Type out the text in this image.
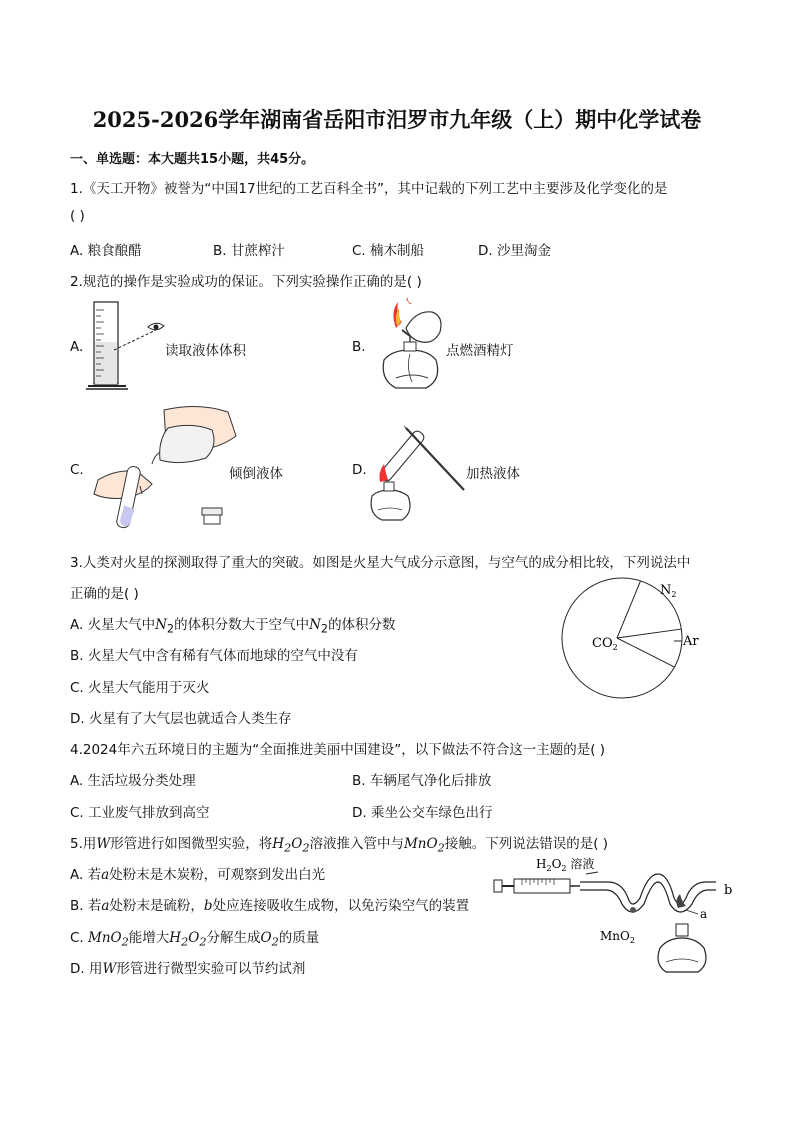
2025-2026学年湖南省岳阳市汨罗市九年级（上）期中化学试卷
一、单选题：本大题共15小题，共45分。
1.《天工开物》被誉为“中国17世纪的工艺百科全书”，其中记载的下列工艺中主要涉及化学变化的是
( )
A. 粮食酿醋	B. 甘蔗榨汁	C. 楠木制船	D. 沙里淘金
2.规范的操作是实验成功的保证。下列实验操作正确的是( )
A.	读取液体体积	B.	点燃酒精灯
C.	倾倒液体	D.	加热液体
3.人类对火星的探测取得了重大的突破。如图是火星大气成分示意图，与空气的成分相比较，下列说法中
正确的是( )
A. 火星大气中$N_2$的体积分数大于空气中$N_2$的体积分数
B. 火星大气中含有稀有气体而地球的空气中没有
C. 火星大气能用于灭火
D. 火星有了大气层也就适合人类生存
$CO_2$
$N_2$
Ar
4.2024年六五环境日的主题为“全面推进美丽中国建设”，以下做法不符合这一主题的是( )
A. 生活垃圾分类处理	B. 车辆尾气净化后排放
C. 工业废气排放到高空	D. 乘坐公交车绿色出行
5.用W形管进行如图微型实验，将$H_2O_2$溶液推入管中与MnO$_2$接触。下列说法错误的是( )
A. 若a处粉末是木炭粉，可观察到发出白光
B. 若a处粉末是硫粉，b处应连接吸收生成物，以免污染空气的装置
C. MnO$_2$能增大$H_2O_2$分解生成$O_2$的质量
D. 用W形管进行微型实验可以节约试剂
$H_2O_2$ 溶液
b
a
MnO$_2$
